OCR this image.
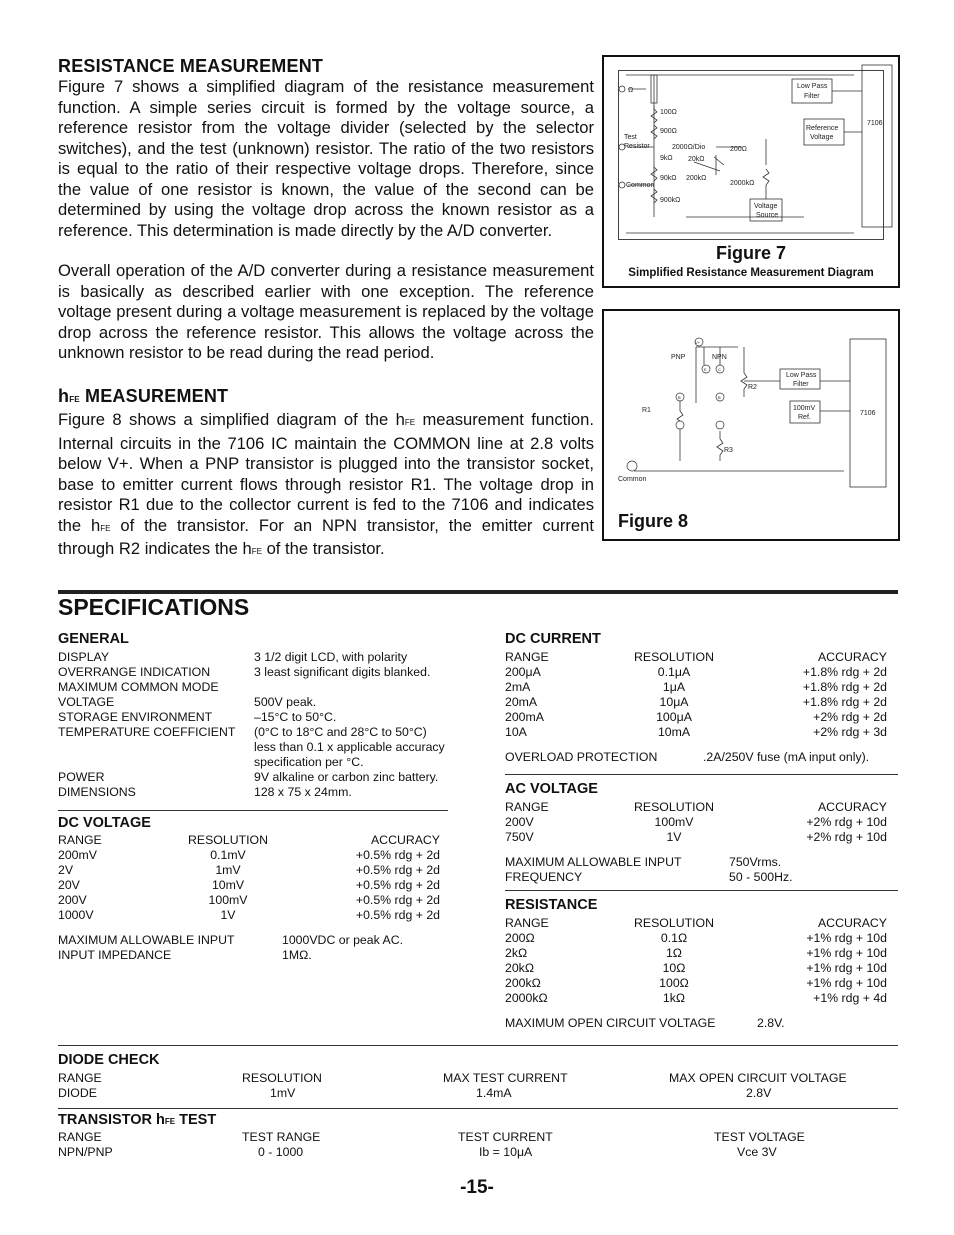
RESISTANCE MEASUREMENT

Figure 7 shows a simplified diagram of the resistance measurement function. A simple series circuit is formed by the voltage source, a reference resistor from the voltage divider (selected by the selector switches), and the test (unknown) resistor. The ratio of the two resistors is equal to the ratio of their respective voltage drops. Therefore, since the value of one resistor is known, the value of the second can be determined by using the voltage drop across the known resistor as a reference. This determination is made directly by the A/D converter.

Overall operation of the A/D converter during a resistance measurement is basically as described earlier with one exception. The reference voltage present during a voltage measurement is replaced by the voltage drop across the reference resistor. This allows the voltage across the unknown resistor to be read during the read period.

hFE MEASUREMENT

Figure 8 shows a simplified diagram of the hFE measurement function. Internal circuits in the 7106 IC maintain the COMMON line at 2.8 volts below V+. When a PNP transistor is plugged into the transistor socket, base to emitter current flows through resistor R1. The voltage drop in resistor R1 due to the collector current is fed to the 7106 and indicates the hFE of the transistor. For an NPN transistor, the emitter current through R2 indicates the hFE of the transistor.

Ω
Test
Resistor
Common
100Ω
900Ω
2000Ω/Dio
9kΩ 20kΩ
200Ω
90kΩ 200kΩ
2000kΩ
900kΩ
Low Pass
Filter
Reference
Voltage
Voltage
Source
7106
Figure 7
Simplified Resistance Measurement Diagram
V+
PNP	NPN
E	C
B	B
R1
R2
R3
Common
Low Pass
Filter
100mV
Ref.
7106
Figure 8
SPECIFICATIONS
GENERAL
DISPLAY	3 1/2 digit LCD, with polarity
OVERRANGE INDICATION	3 least significant digits blanked.
MAXIMUM COMMON MODE
VOLTAGE	500V peak.
STORAGE ENVIRONMENT	–15°C to 50°C.
TEMPERATURE COEFFICIENT (0°C to 18°C and 28°C to 50°C)
less than 0.1 x applicable accuracy
specification per °C.
POWER	9V alkaline or carbon zinc battery.
DIMENSIONS	128 x 75 x 24mm.
DC VOLTAGE
RANGE	RESOLUTION	ACCURACY
200mV	0.1mV	+0.5% rdg + 2d
2V	1mV	+0.5% rdg + 2d
20V	10mV	+0.5% rdg + 2d
200V	100mV	+0.5% rdg + 2d
1000V	1V	+0.5% rdg + 2d
MAXIMUM ALLOWABLE INPUT	1000VDC or peak AC.
INPUT IMPEDANCE	1MΩ.
DC CURRENT
RANGE	RESOLUTION	ACCURACY
200μA	0.1μA	+1.8% rdg + 2d
2mA	1μA	+1.8% rdg + 2d
20mA	10μA	+1.8% rdg + 2d
200mA	100μA	+2% rdg + 2d
10A	10mA	+2% rdg + 3d
OVERLOAD PROTECTION	.2A/250V fuse (mA input only).
AC VOLTAGE
RANGE	RESOLUTION	ACCURACY
200V	100mV	+2% rdg + 10d
750V	1V	+2% rdg + 10d
MAXIMUM ALLOWABLE INPUT	750Vrms.
FREQUENCY	50 - 500Hz.
RESISTANCE
RANGE	RESOLUTION	ACCURACY
200Ω	0.1Ω	+1% rdg + 10d
2kΩ	1Ω	+1% rdg + 10d
20kΩ	10Ω	+1% rdg + 10d
200kΩ	100Ω	+1% rdg + 10d
2000kΩ	1kΩ	+1% rdg + 4d
MAXIMUM OPEN CIRCUIT VOLTAGE	2.8V.
DIODE CHECK
RANGE	RESOLUTION	MAX TEST CURRENT	MAX OPEN CIRCUIT VOLTAGE
DIODE	1mV	1.4mA	2.8V
TRANSISTOR hFE TEST
RANGE	TEST RANGE	TEST CURRENT	TEST VOLTAGE
NPN/PNP	0 - 1000	Ib = 10μA	Vce 3V
-15-
